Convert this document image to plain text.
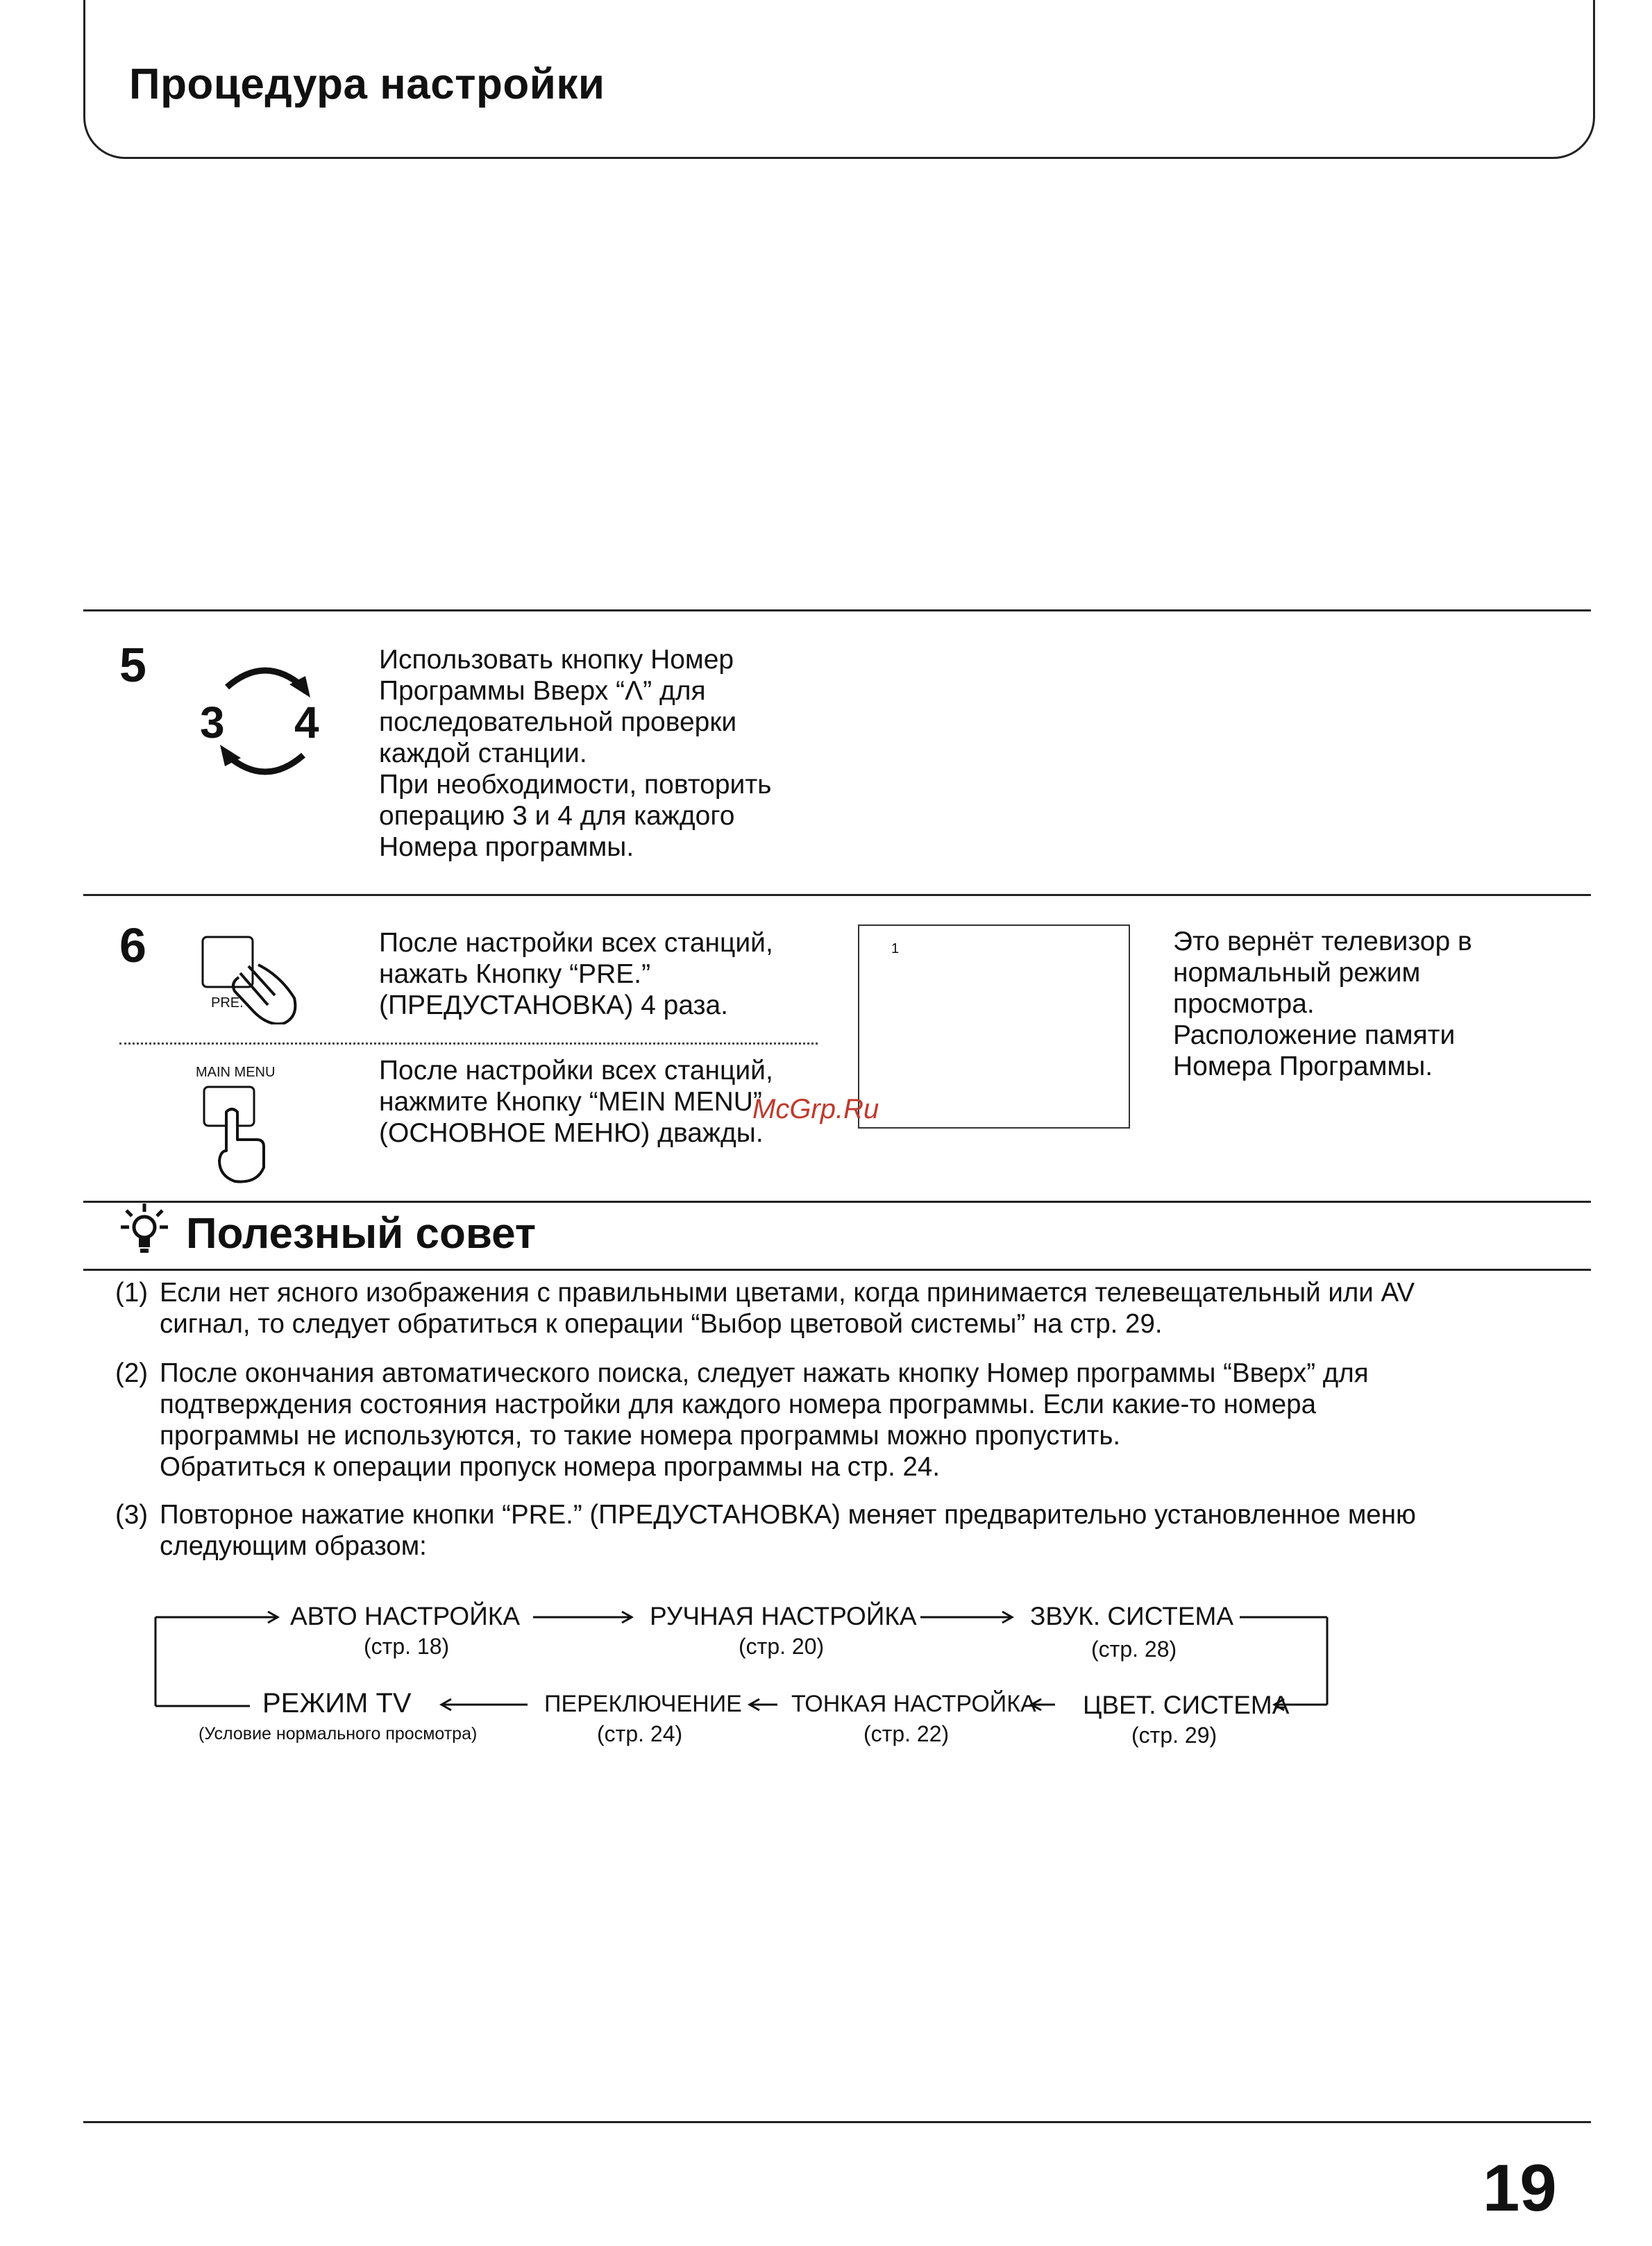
Процедура настройки
5
3 4
Использовать кнопку Номер
Программы Вверх “Λ” для
последовательной проверки
каждой станции.
При необходимости, повторить
операцию 3 и 4 для каждого
Номера программы.
6
PRE.
После настройки всех станций,
нажать Кнопку “PRE.”
(ПРЕДУСТАНОВКА) 4 раза.
MAIN MENU	После настройки всех станций,
нажмите Кнопку “MEIN MENU”
(ОСНОВНОЕ МЕНЮ) дважды.
1
McGrp.Ru
Это вернёт телевизор в
нормальный режим
просмотра.
Расположение памяти
Номера Программы.
Полезный совет

(1) Если нет ясного изображения с правильными цветами, когда принимается телевещательный или AV
сигнал, то следует обратиться к операции “Выбор цветовой системы” на стр. 29.

(2) После окончания автоматического поиска, следует нажать кнопку Номер программы “Вверх” для
подтверждения состояния настройки для каждого номера программы. Если какие-то номера
программы не используются, то такие номера программы можно пропустить.
Обратиться к операции пропуск номера программы на стр. 24.

(3) Повторное нажатие кнопки “PRE.” (ПРЕДУСТАНОВКА) меняет предварительно установленное меню
следующим образом:

АВТО НАСТРОЙКА
(стр. 18)
РУЧНАЯ НАСТРОЙКА
(стр. 20)
ЗВУК. СИСТЕМА
(стр. 28)
РЕЖИМ TV
(Условие нормального просмотра)
ПЕРЕКЛЮЧЕНИЕ
(стр. 24)
ТОНКАЯ НАСТРОЙКА
(стр. 22)
ЦВЕТ. СИСТЕМА
(стр. 29)
19
